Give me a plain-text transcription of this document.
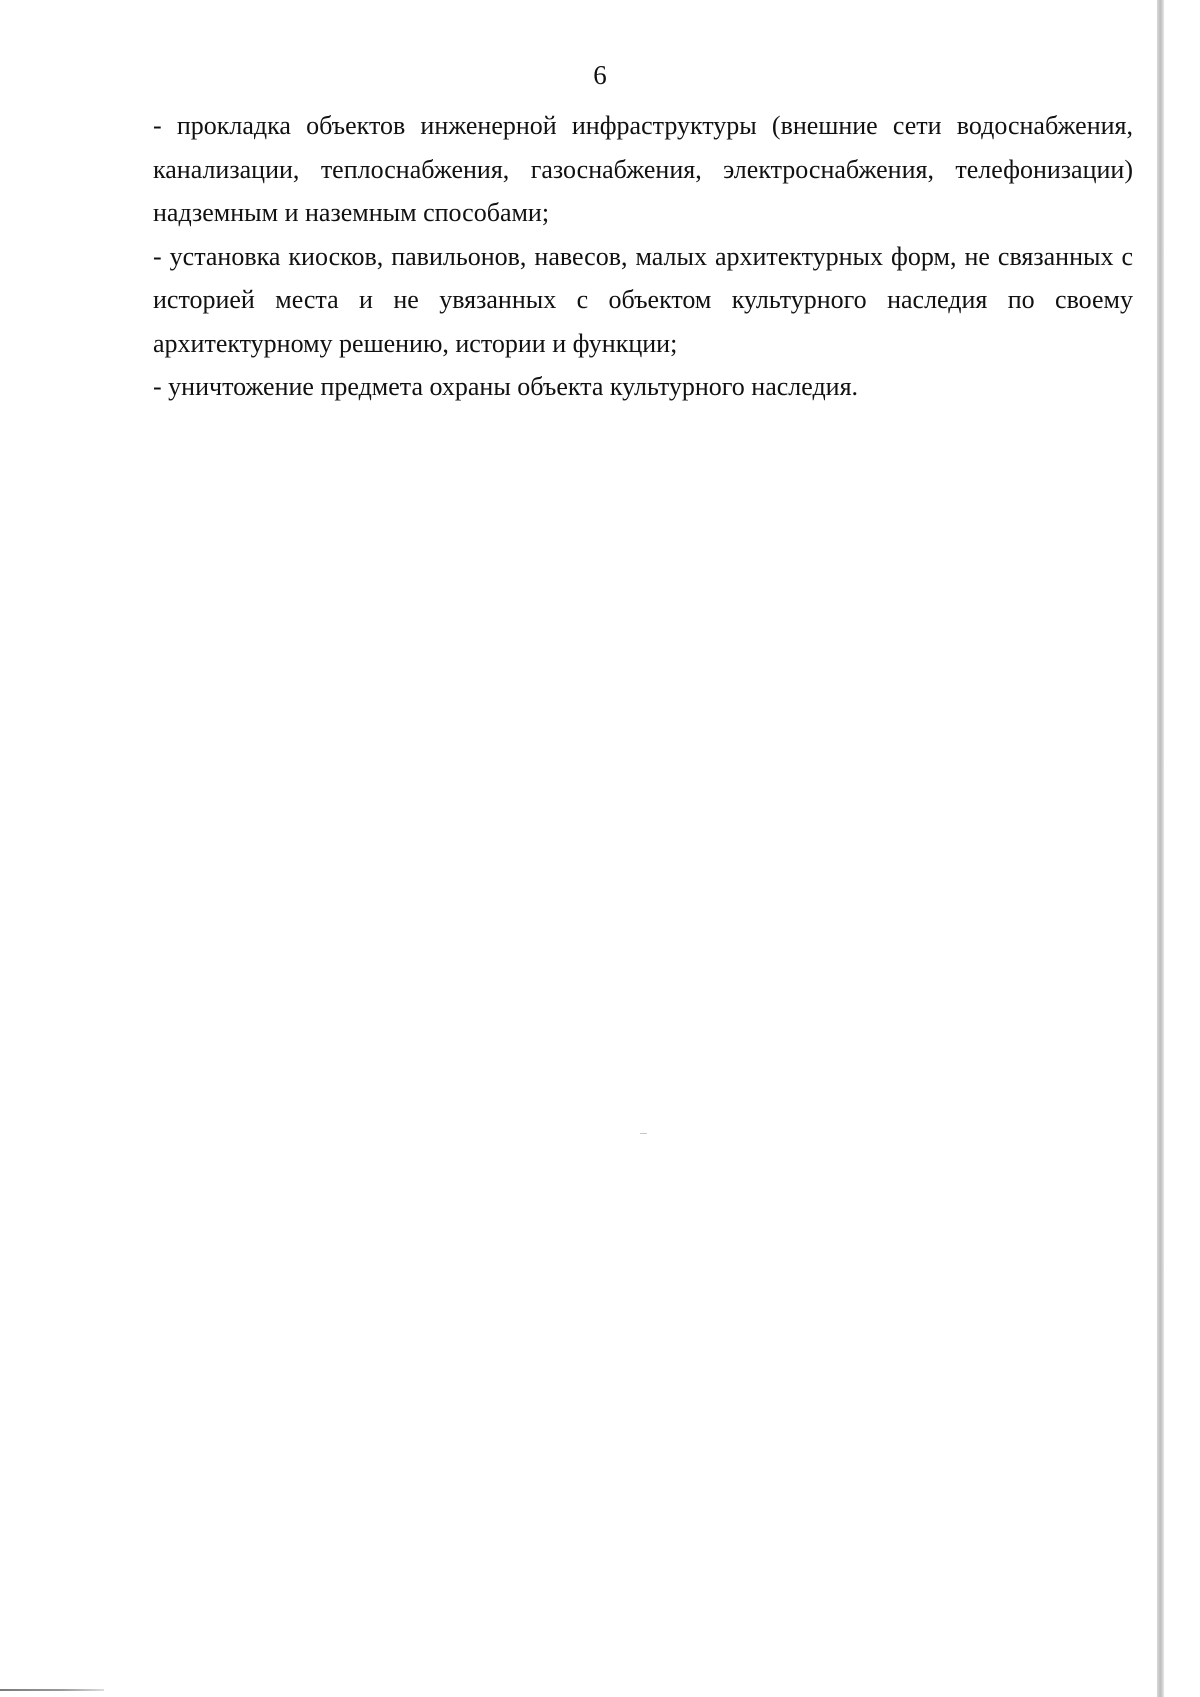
6

- прокладка объектов инженерной инфраструктуры (внешние сети водоснабжения, канализации, теплоснабжения, газоснабжения, электроснабжения, телефонизации) надземным и наземным способами;

- установка киосков, павильонов, навесов, малых архитектурных форм, не связанных с историей места и не увязанных с объектом культурного наследия по своему архитектурному решению, истории и функции;

- уничтожение предмета охраны объекта культурного наследия.
